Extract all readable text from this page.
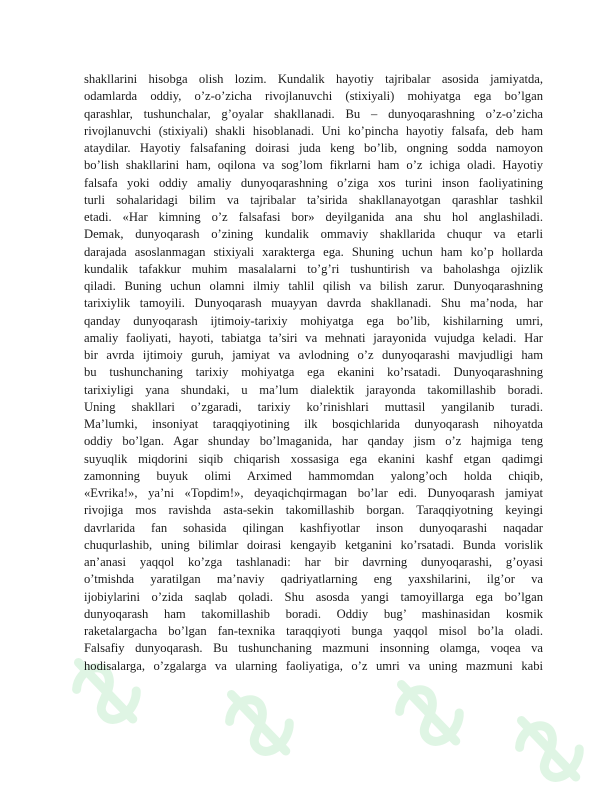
shakllarini hisobga olish lozim. Kundalik hayotiy tajribalar asosida jamiyatda,
odamlarda oddiy, o’z-o’zicha rivojlanuvchi (stixiyali) mohiyatga ega bo’lgan
qarashlar, tushunchalar, g’oyalar shakllanadi. Bu – dunyoqarashning o’z-o’zicha
rivojlanuvchi (stixiyali) shakli hisoblanadi. Uni ko’pincha hayotiy falsafa, deb ham
ataydilar. Hayotiy falsafaning doirasi juda keng bo’lib, ongning sodda namoyon
bo’lish shakllarini ham, oqilona va sog’lom fikrlarni ham o’z ichiga oladi. Hayotiy
falsafa yoki oddiy amaliy dunyoqarashning o’ziga xos turini inson faoliyatining
turli sohalaridagi bilim va tajribalar ta’sirida shakllanayotgan qarashlar tashkil
etadi. «Har kimning o’z falsafasi bor» deyilganida ana shu hol anglashiladi.
Demak, dunyoqarash o’zining kundalik ommaviy shakllarida chuqur va etarli
darajada asoslanmagan stixiyali xarakterga ega. Shuning uchun ham ko’p hollarda
kundalik tafakkur muhim masalalarni to’g’ri tushuntirish va baholashga ojizlik
qiladi. Buning uchun olamni ilmiy tahlil qilish va bilish zarur. Dunyoqarashning
tarixiylik tamoyili. Dunyoqarash muayyan davrda shakllanadi. Shu ma’noda, har
qanday dunyoqarash ijtimoiy-tarixiy mohiyatga ega bo’lib, kishilarning umri,
amaliy faoliyati, hayoti, tabiatga ta’siri va mehnati jarayonida vujudga keladi. Har
bir avrda ijtimoiy guruh, jamiyat va avlodning o’z dunyoqarashi mavjudligi ham
bu tushunchaning tarixiy mohiyatga ega ekanini ko’rsatadi. Dunyoqarashning
tarixiyligi yana shundaki, u ma’lum dialektik jarayonda takomillashib boradi.
Uning shakllari o’zgaradi, tarixiy ko’rinishlari muttasil yangilanib turadi.
Ma’lumki, insoniyat taraqqiyotining ilk bosqichlarida dunyoqarash nihoyatda
oddiy bo’lgan. Agar shunday bo’lmaganida, har qanday jism o’z hajmiga teng
suyuqlik miqdorini siqib chiqarish xossasiga ega ekanini kashf etgan qadimgi
zamonning buyuk olimi Arximed hammomdan yalong’och holda chiqib,
«Evrika!», ya’ni «Topdim!», deyaqichqirmagan bo’lar edi. Dunyoqarash jamiyat
rivojiga mos ravishda asta-sekin takomillashib borgan. Taraqqiyotning keyingi
davrlarida fan sohasida qilingan kashfiyotlar inson dunyoqarashi naqadar
chuqurlashib, uning bilimlar doirasi kengayib ketganini ko’rsatadi. Bunda vorislik
an’anasi yaqqol ko’zga tashlanadi: har bir davrning dunyoqarashi, g’oyasi
o’tmishda yaratilgan ma’naviy qadriyatlarning eng yaxshilarini, ilg’or va
ijobiylarini o’zida saqlab qoladi. Shu asosda yangi tamoyillarga ega bo’lgan
dunyoqarash ham takomillashib boradi. Oddiy bug’ mashinasidan kosmik
raketalargacha bo’lgan fan-texnika taraqqiyoti bunga yaqqol misol bo’la oladi.
Falsafiy dunyoqarash. Bu tushunchaning mazmuni insonning olamga, voqea va
hodisalarga, o’zgalarga va ularning faoliyatiga, o’z umri va uning mazmuni kabi
